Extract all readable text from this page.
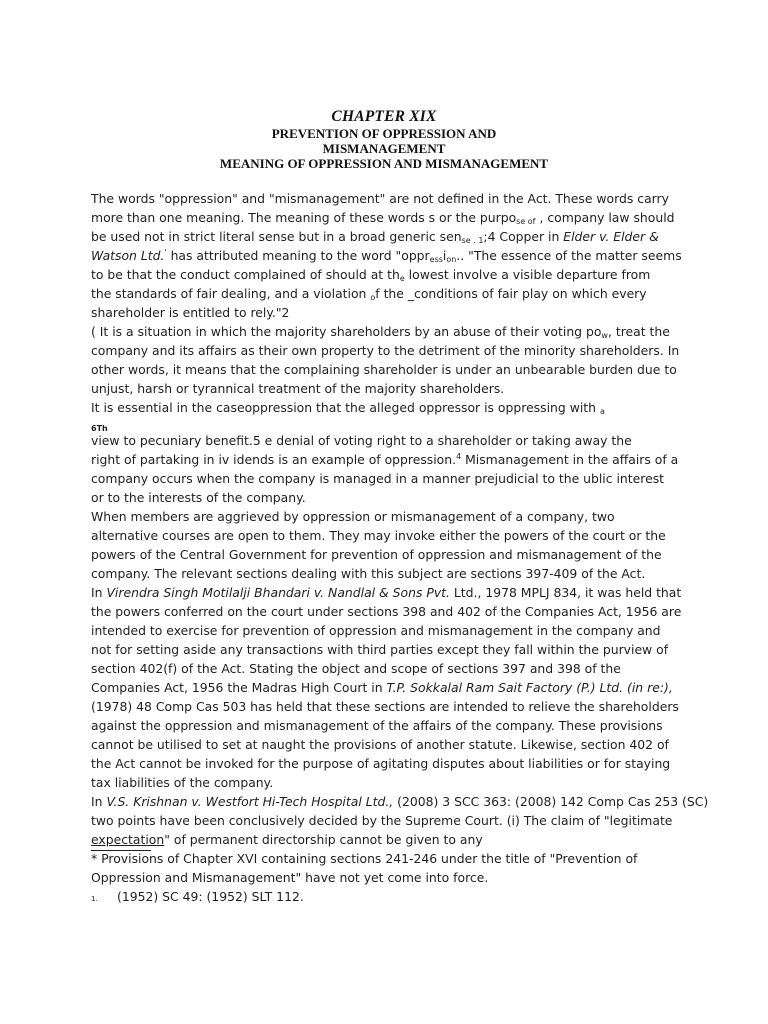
CHAPTER XIX
PREVENTION OF OPPRESSION AND
MISMANAGEMENT
MEANING OF OPPRESSION AND MISMANAGEMENT
The words "oppression" and "mismanagement" are not defined in the Act. These words carry
more than one meaning. The meaning of these words s or the purpose of , company law should
be used not in strict literal sense but in a broad generic sense . 1;4 Copper in Elder v. Elder &
Watson Ltd.' has attributed meaning to the word "oppression.. "The essence of the matter seems
to be that the conduct complained of should at the lowest involve a visible departure from
the standards of fair dealing, and a violation of the _conditions of fair play on which every
shareholder is entitled to rely."2
( It is a situation in which the majority shareholders by an abuse of their voting pow, treat the
company and its affairs as their own property to the detriment of the minority shareholders. In
other words, it means that the complaining shareholder is under an unbearable burden due to
unjust, harsh or tyrannical treatment of the majority shareholders.
It is essential in the caseoppression that the alleged oppressor is oppressing with a
6Th
view to pecuniary benefit.5 e denial of voting right to a shareholder or taking away the
right of partaking in iv idends is an example of oppression.$^4$ Mismanagement in the affairs of a
company occurs when the company is managed in a manner prejudicial to the ublic interest
or to the interests of the company.
When members are aggrieved by oppression or mismanagement of a company, two
alternative courses are open to them. They may invoke either the powers of the court or the
powers of the Central Government for prevention of oppression and mismanagement of the
company. The relevant sections dealing with this subject are sections 397-409 of the Act.
In Virendra Singh Motilalji Bhandari v. Nandlal & Sons Pvt. Ltd., 1978 MPLJ 834, it was held that
the powers conferred on the court under sections 398 and 402 of the Companies Act, 1956 are
intended to exercise for prevention of oppression and mismanagement in the company and
not for setting aside any transactions with third parties except they fall within the purview of
section 402(f) of the Act. Stating the object and scope of sections 397 and 398 of the
Companies Act, 1956 the Madras High Court in T.P. Sokkalal Ram Sait Factory (P.) Ltd. (in re:),
(1978) 48 Comp Cas 503 has held that these sections are intended to relieve the shareholders
against the oppression and mismanagement of the affairs of the company. These provisions
cannot be utilised to set at naught the provisions of another statute. Likewise, section 402 of
the Act cannot be invoked for the purpose of agitating disputes about liabilities or for staying
tax liabilities of the company.
In V.S. Krishnan v. Westfort Hi-Tech Hospital Ltd., (2008) 3 SCC 363: (2008) 142 Comp Cas 253 (SC)
two points have been conclusively decided by the Supreme Court. (i) The claim of "legitimate
expectation" of permanent directorship cannot be given to any
* Provisions of Chapter XVI containing sections 241-246 under the title of "Prevention of
Oppression and Mismanagement" have not yet come into force.
1. (1952) SC 49: (1952) SLT 112.
